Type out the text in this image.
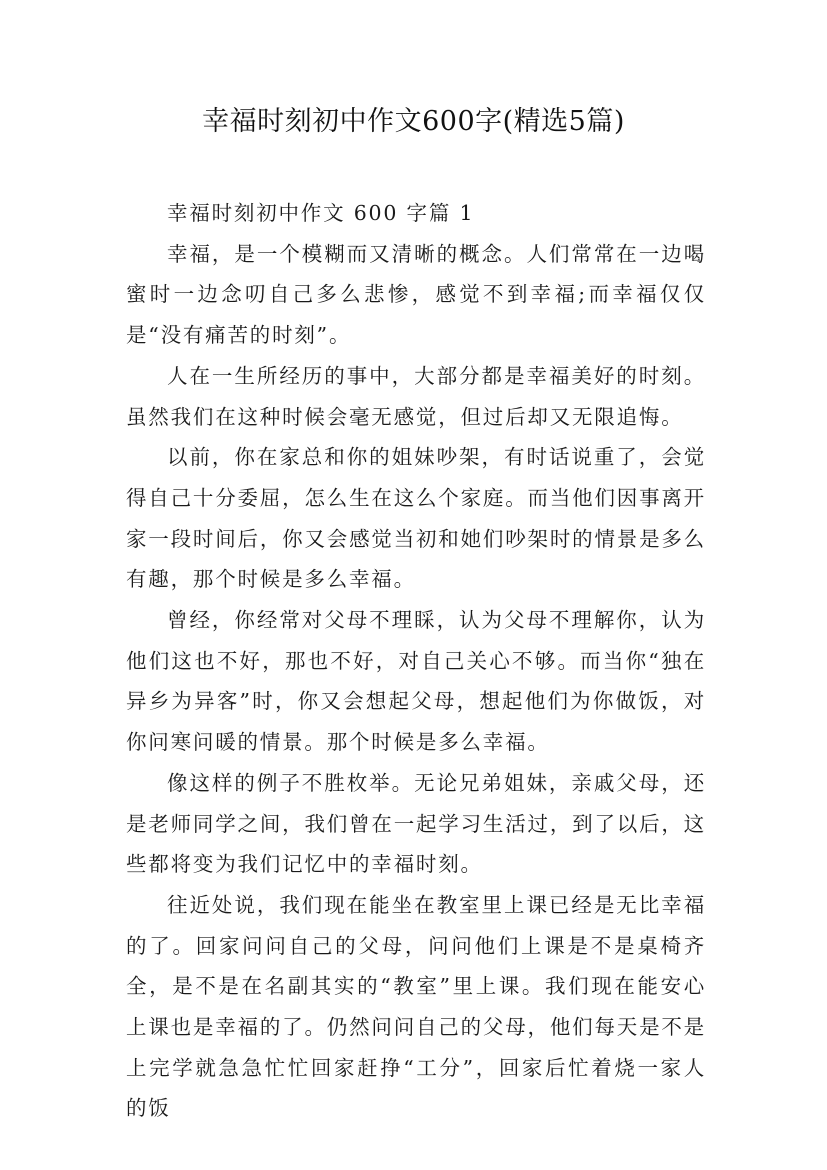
幸福时刻初中作文600字(精选5篇)

幸福时刻初中作文 600 字篇 1

幸福，是一个模糊而又清晰的概念。人们常常在一边喝蜜时一边念叨自己多么悲惨，感觉不到幸福;而幸福仅仅是“没有痛苦的时刻”。

人在一生所经历的事中，大部分都是幸福美好的时刻。虽然我们在这种时候会毫无感觉，但过后却又无限追悔。

以前，你在家总和你的姐妹吵架，有时话说重了，会觉得自己十分委屈，怎么生在这么个家庭。而当他们因事离开家一段时间后，你又会感觉当初和她们吵架时的情景是多么有趣，那个时候是多么幸福。

曾经，你经常对父母不理睬，认为父母不理解你，认为他们这也不好，那也不好，对自己关心不够。而当你“独在异乡为异客”时，你又会想起父母，想起他们为你做饭，对你问寒问暖的情景。那个时候是多么幸福。

像这样的例子不胜枚举。无论兄弟姐妹，亲戚父母，还是老师同学之间，我们曾在一起学习生活过，到了以后，这些都将变为我们记忆中的幸福时刻。

往近处说，我们现在能坐在教室里上课已经是无比幸福的了。回家问问自己的父母，问问他们上课是不是桌椅齐全，是不是在名副其实的“教室”里上课。我们现在能安心上课也是幸福的了。仍然问问自己的父母，他们每天是不是上完学就急急忙忙回家赶挣“工分”，回家后忙着烧一家人的饭
